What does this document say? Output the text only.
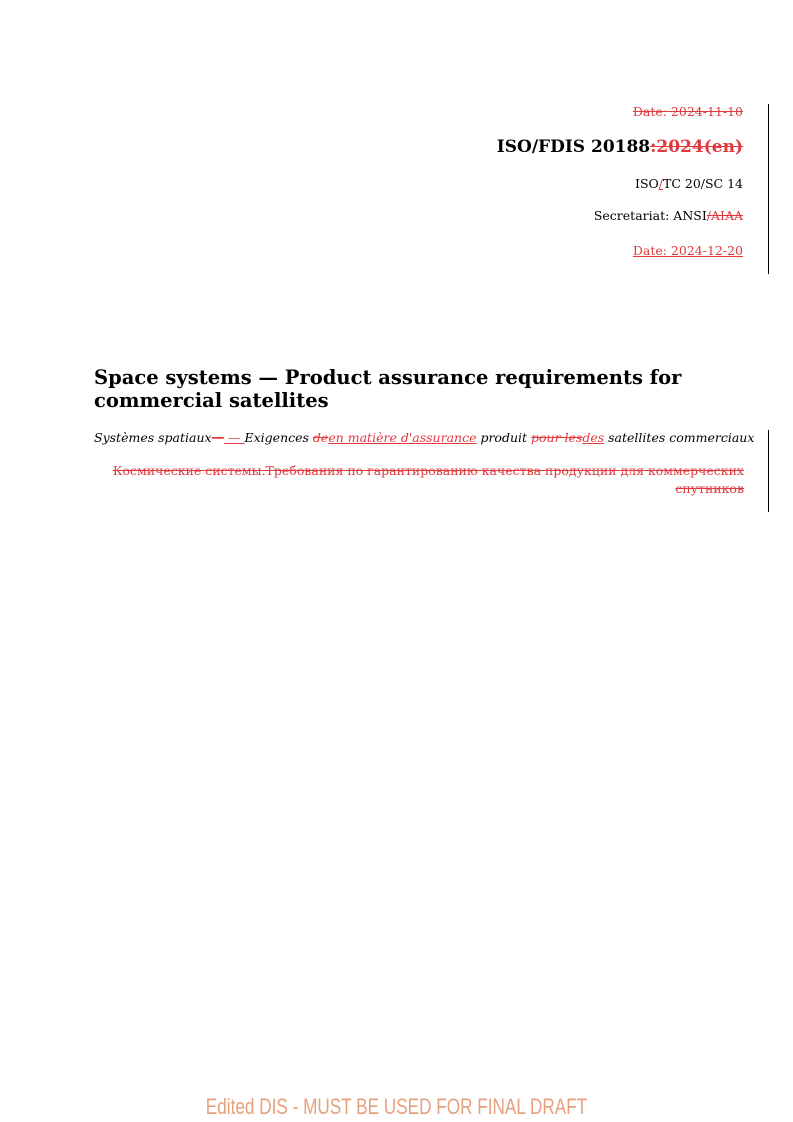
Date: 2024-11-10
ISO/FDIS 20188:2024(en)
ISO/TC 20/SC 14
Secretariat: ANSI/AIAA
Date: 2024-12-20
Space systems — Product assurance requirements for commercial satellites
Systèmes spatiaux— — Exigences deen matière d'assurance produit pour lesdes satellites commerciaux
Космические системы.Требования по гарантированию качества продукции для коммерческих спутников
Edited DIS - MUST BE USED FOR FINAL DRAFT
